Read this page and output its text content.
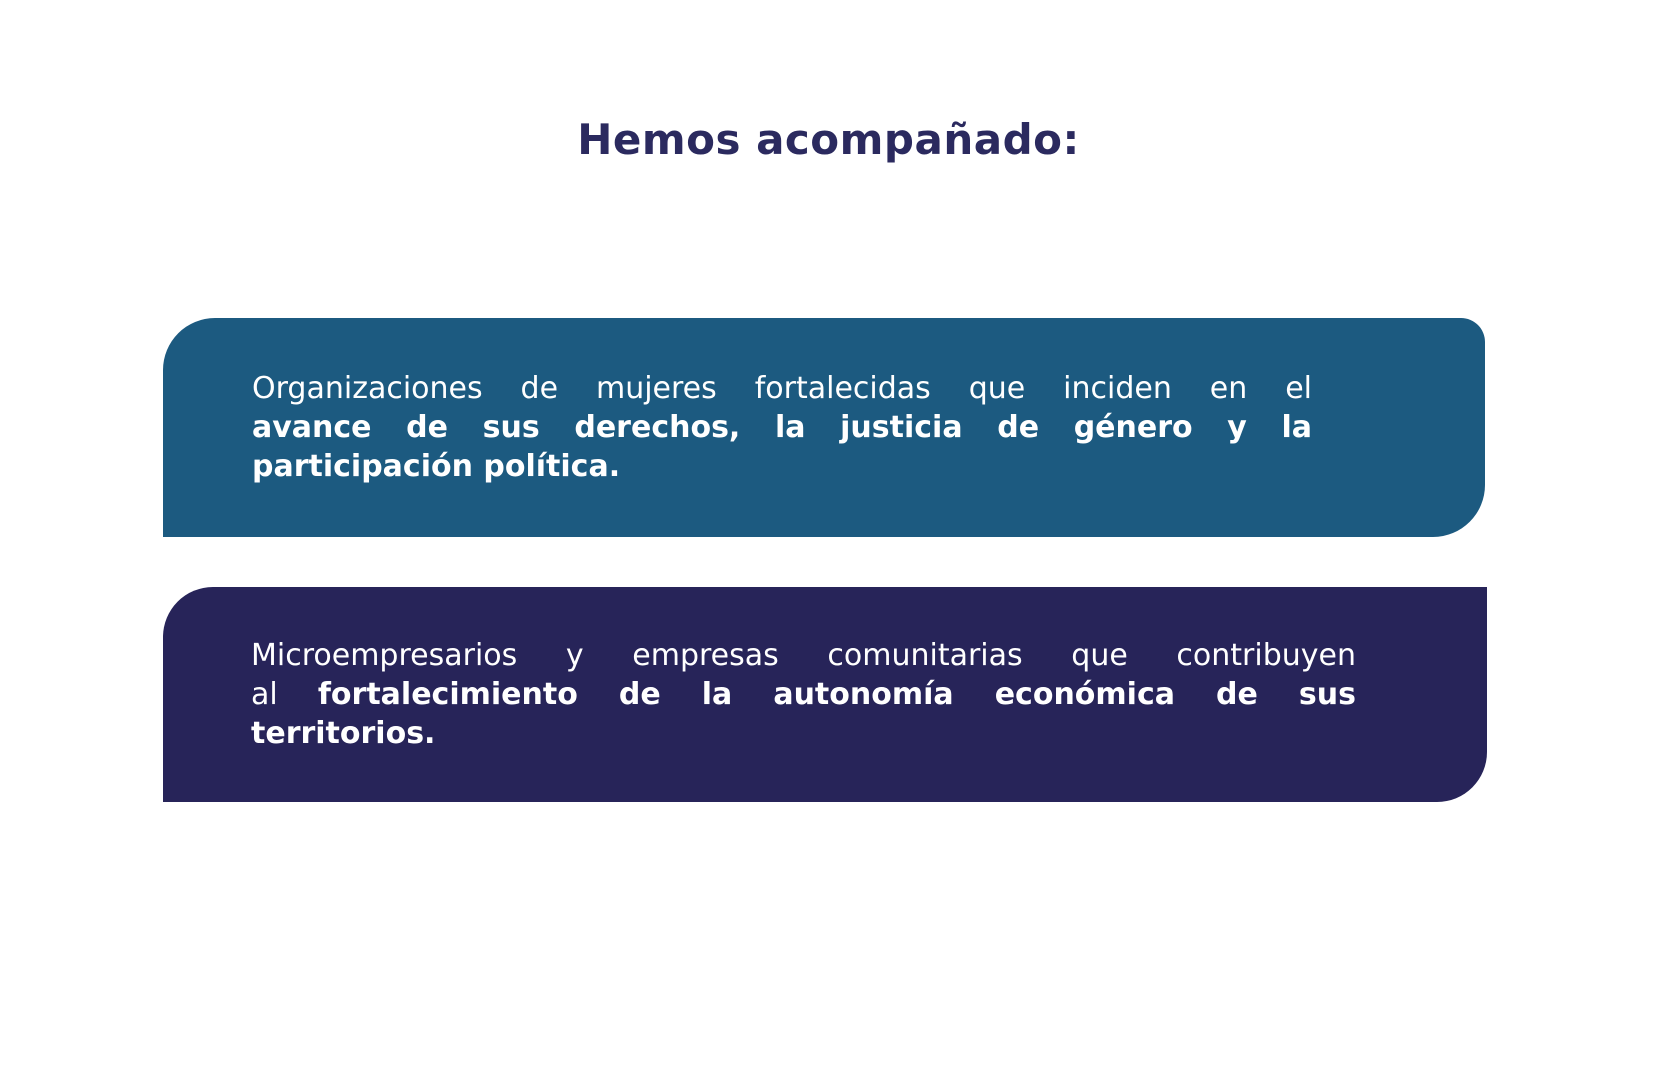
Hemos acompañado:

Organizaciones de mujeres fortalecidas que inciden en el

avance de sus derechos, la justicia de género y la

participación política.

Microempresarios y empresas comunitarias que contribuyen

al fortalecimiento de la autonomía económica de sus

territorios.
